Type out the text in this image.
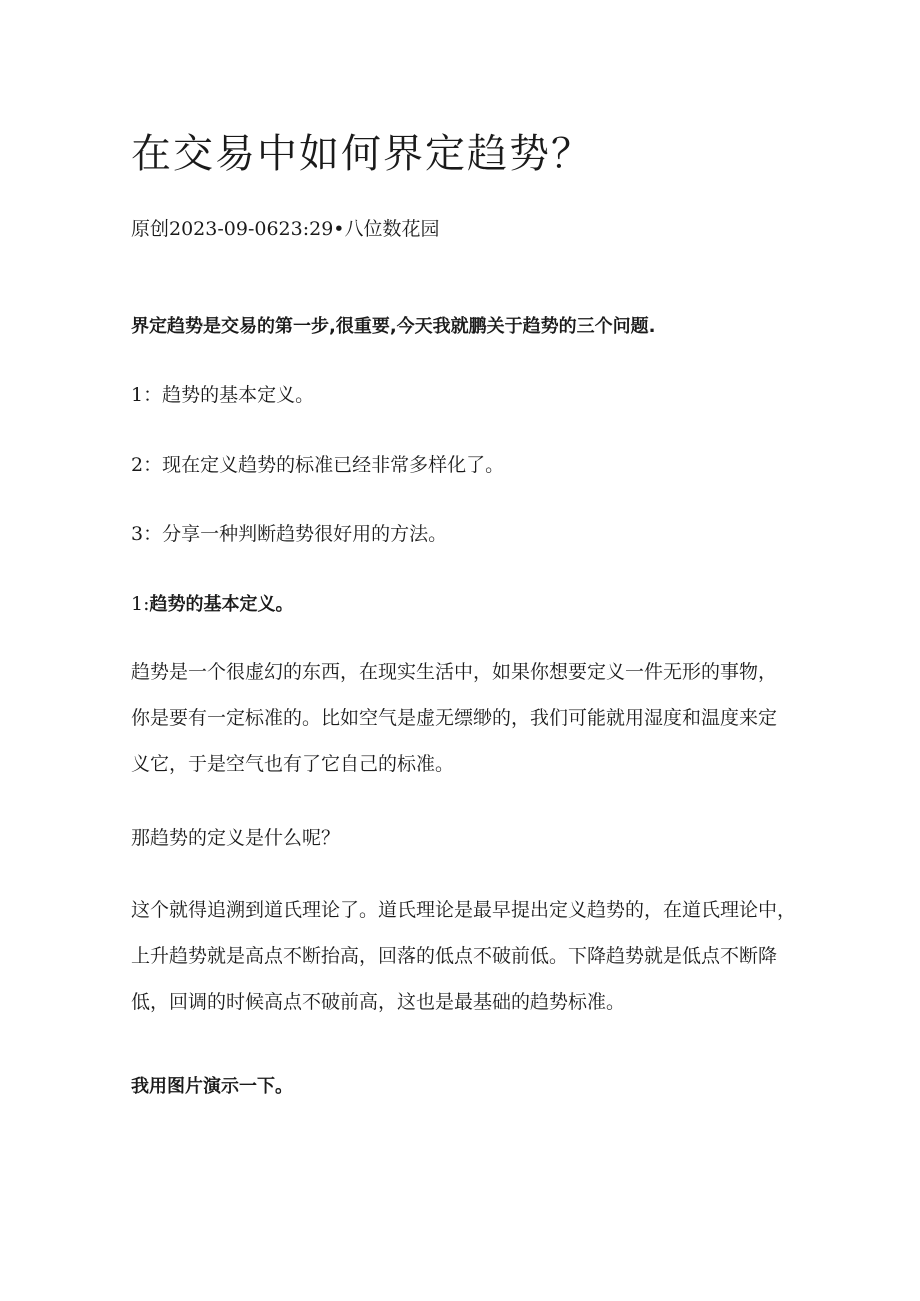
在交易中如何界定趋势？
原创2023-09-0623:29•八位数花园

界定趋势是交易的第一步,很重要,今天我就鹏关于趋势的三个问题.

1：趋势的基本定义。

2：现在定义趋势的标准已经非常多样化了。

3：分享一种判断趋势很好用的方法。

1:趋势的基本定义。

趋势是一个很虚幻的东西，在现实生活中，如果你想要定义一件无形的事物，
你是要有一定标准的。比如空气是虚无缥缈的，我们可能就用湿度和温度来定
义它，于是空气也有了它自己的标准。

那趋势的定义是什么呢？

这个就得追溯到道氏理论了。道氏理论是最早提出定义趋势的，在道氏理论中，
上升趋势就是高点不断抬高，回落的低点不破前低。下降趋势就是低点不断降
低，回调的时候高点不破前高，这也是最基础的趋势标准。

我用图片演示一下。
